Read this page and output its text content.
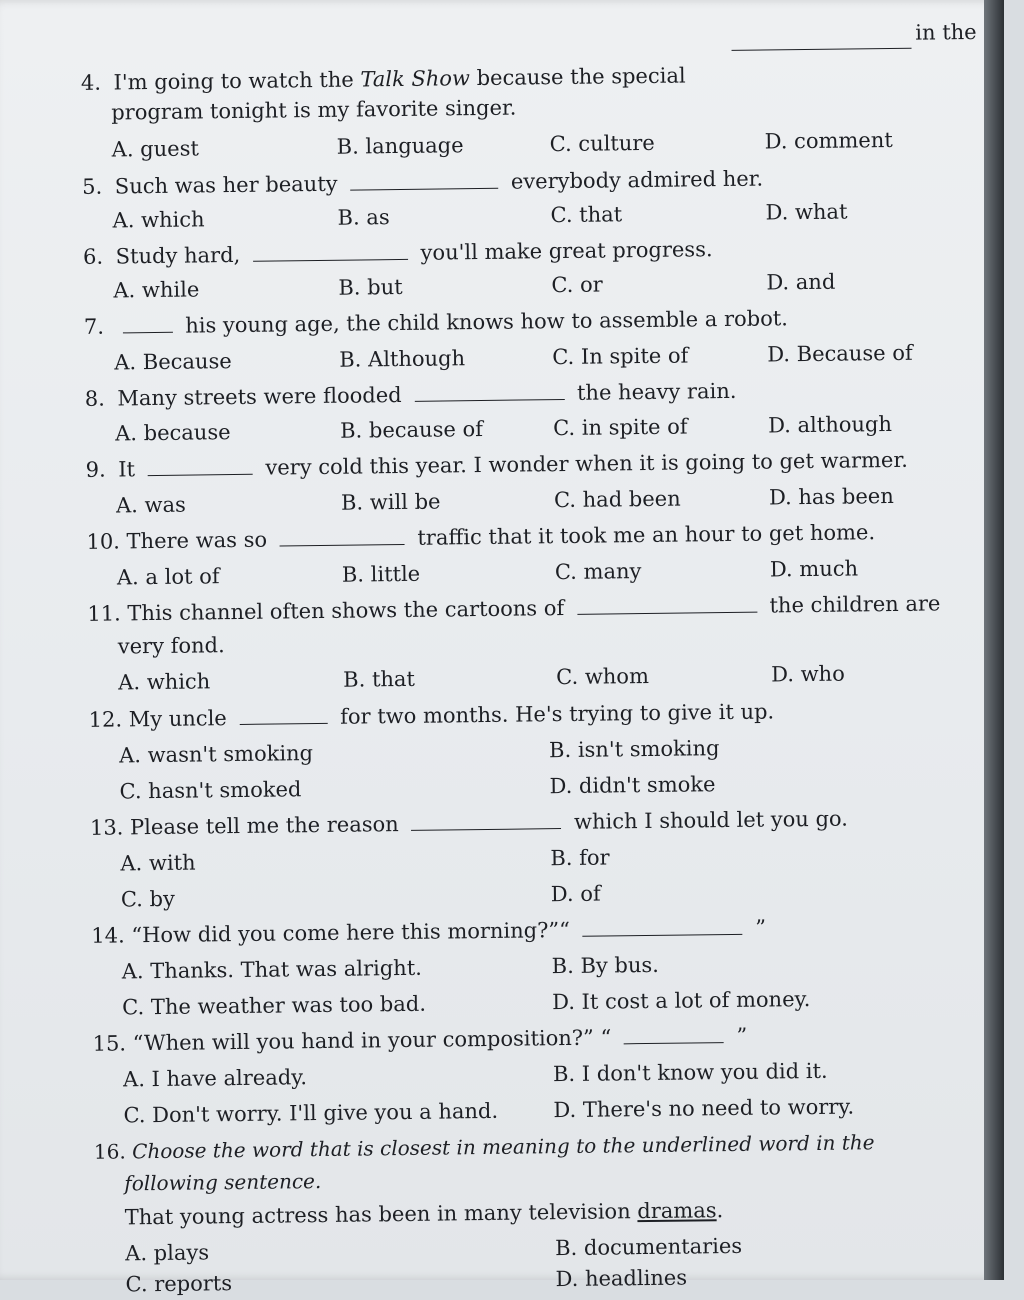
in the
4. I'm going to watch the Talk Show because the special
program tonight is my favorite singer.
A. guest	B. language	C. culture	D. comment
5. Such was her beauty	everybody admired her.
A. which	B. as	C. that	D. what
6. Study hard,	you'll make great progress.
A. while	B. but	C. or	D. and
7.	his young age, the child knows how to assemble a robot.
A. Because	B. Although	C. In spite of	D. Because of
8. Many streets were flooded	the heavy rain.
A. because	B. because of	C. in spite of	D. although
9. It	very cold this year. I wonder when it is going to get warmer.
A. was	B. will be	C. had been	D. has been
10. There was so	traffic that it took me an hour to get home.
A. a lot of	B. little	C. many	D. much
11. This channel often shows the cartoons of	the children are
very fond.
A. which	B. that	C. whom	D. who
12. My uncle	for two months. He's trying to give it up.
A. wasn't smoking	B. isn't smoking
C. hasn't smoked	D. didn't smoke
13. Please tell me the reason	which I should let you go.
A. with	B. for
C. by	D. of
14. “How did you come here this morning?”“	”
A. Thanks. That was alright.	B. By bus.
C. The weather was too bad.	D. It cost a lot of money.
15. “When will you hand in your composition?” “	”
A. I have already.	B. I don't know you did it.
C. Don't worry. I'll give you a hand.	D. There's no need to worry.
16. Choose the word that is closest in meaning to the underlined word in the
following sentence.
That young actress has been in many television dramas.
A. plays	B. documentaries
C. reports	D. headlines
